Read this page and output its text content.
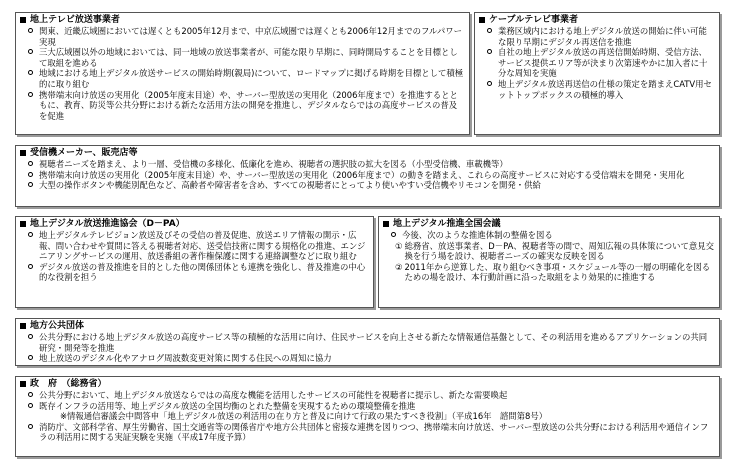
地上テレビ放送事業者
関東、近畿広域圏においては遅くとも2005年12月まで、中京広域圏では遅くとも2006年12月までのフルパワー実現
三大広域圏以外の地域においては、同一地域の放送事業者が、可能な限り早期に、同時開局することを目標として取組を進める
地域における地上デジタル放送サービスの開始時期(親局)について、ロードマップに掲げる時期を目標として積極的に取り組む
携帯端末向け放送の実用化（2005年度末目途）や、サーバー型放送の実用化（2006年度まで）を推進するとともに、教育、防災等公共分野における新たな活用方法の開発を推進し、デジタルならではの高度サービスの普及を促進
ケーブルテレビ事業者
業務区域内における地上デジタル放送の開始に伴い可能な限り早期にデジタル再送信を推進
自社の地上デジタル放送の再送信開始時期、受信方法、サービス提供エリア等が決まり次第速やかに加入者に十分な周知を実施
地上デジタル放送再送信の仕様の策定を踏まえCATV用セットトップボックスの積極的導入
受信機メーカー、販売店等
視聴者ニーズを踏まえ、より一層、受信機の多様化、低廉化を進め、視聴者の選択肢の拡大を図る（小型受信機、車載機等）
携帯端末向け放送の実用化（2005年度末目途）や、サーバー型放送の実用化（2006年度まで）の動きを踏まえ、これらの高度サービスに対応する受信端末を開発・実用化
大型の操作ボタンや機能別配色など、高齢者や障害者を含め、すべての視聴者にとってより使いやすい受信機やリモコンを開発・供給
地上デジタル放送推進協会（D－PA）
地上デジタルテレビジョン放送及びその受信の普及促進、放送エリア情報の開示・広報、問い合わせや質問に答える視聴者対応、送受信技術に関する規格化の推進、エンジニアリングサービスの運用、放送番組の著作権保護に関する連絡調整などに取り組む
デジタル放送の普及推進を目的とした他の関係団体とも連携を強化し、普及推進の中心的な役割を担う
地上デジタル推進全国会議
今後、次のような推進体制の整備を図る
① 総務省、放送事業者、D－PA、視聴者等の間で、周知広報の具体策について意見交換を行う場を設け、視聴者ニーズの確実な反映を図る
② 2011年から逆算した、取り組むべき事項・スケジュール等の一層の明確化を図るための場を設け、本行動計画に沿った取組をより効果的に推進する
地方公共団体
公共分野における地上デジタル放送の高度サービス等の積極的な活用に向け、住民サービスを向上させる新たな情報通信基盤として、その利活用を進めるアプリケーションの共同研究・開発等を推進
地上放送のデジタル化やアナログ周波数変更対策に関する住民への周知に協力
政　府　（総務省）
公共分野において、地上デジタル放送ならではの高度な機能を活用したサービスの可能性を視聴者に提示し、新たな需要喚起
既存インフラの活用等、地上デジタル放送の全国均衡のとれた整備を実現するための環境整備を推進
※情報通信審議会中間答申「地上デジタル放送の利活用の在り方と普及に向けて行政の果たすべき役割」（平成16年　諮問第8号）
消防庁、文部科学省、厚生労働省、国土交通省等の関係省庁や地方公共団体と密接な連携を図りつつ、携帯端末向け放送、サーバー型放送の公共分野における利活用や通信インフラの利活用に関する実証実験を実施（平成17年度予算）
